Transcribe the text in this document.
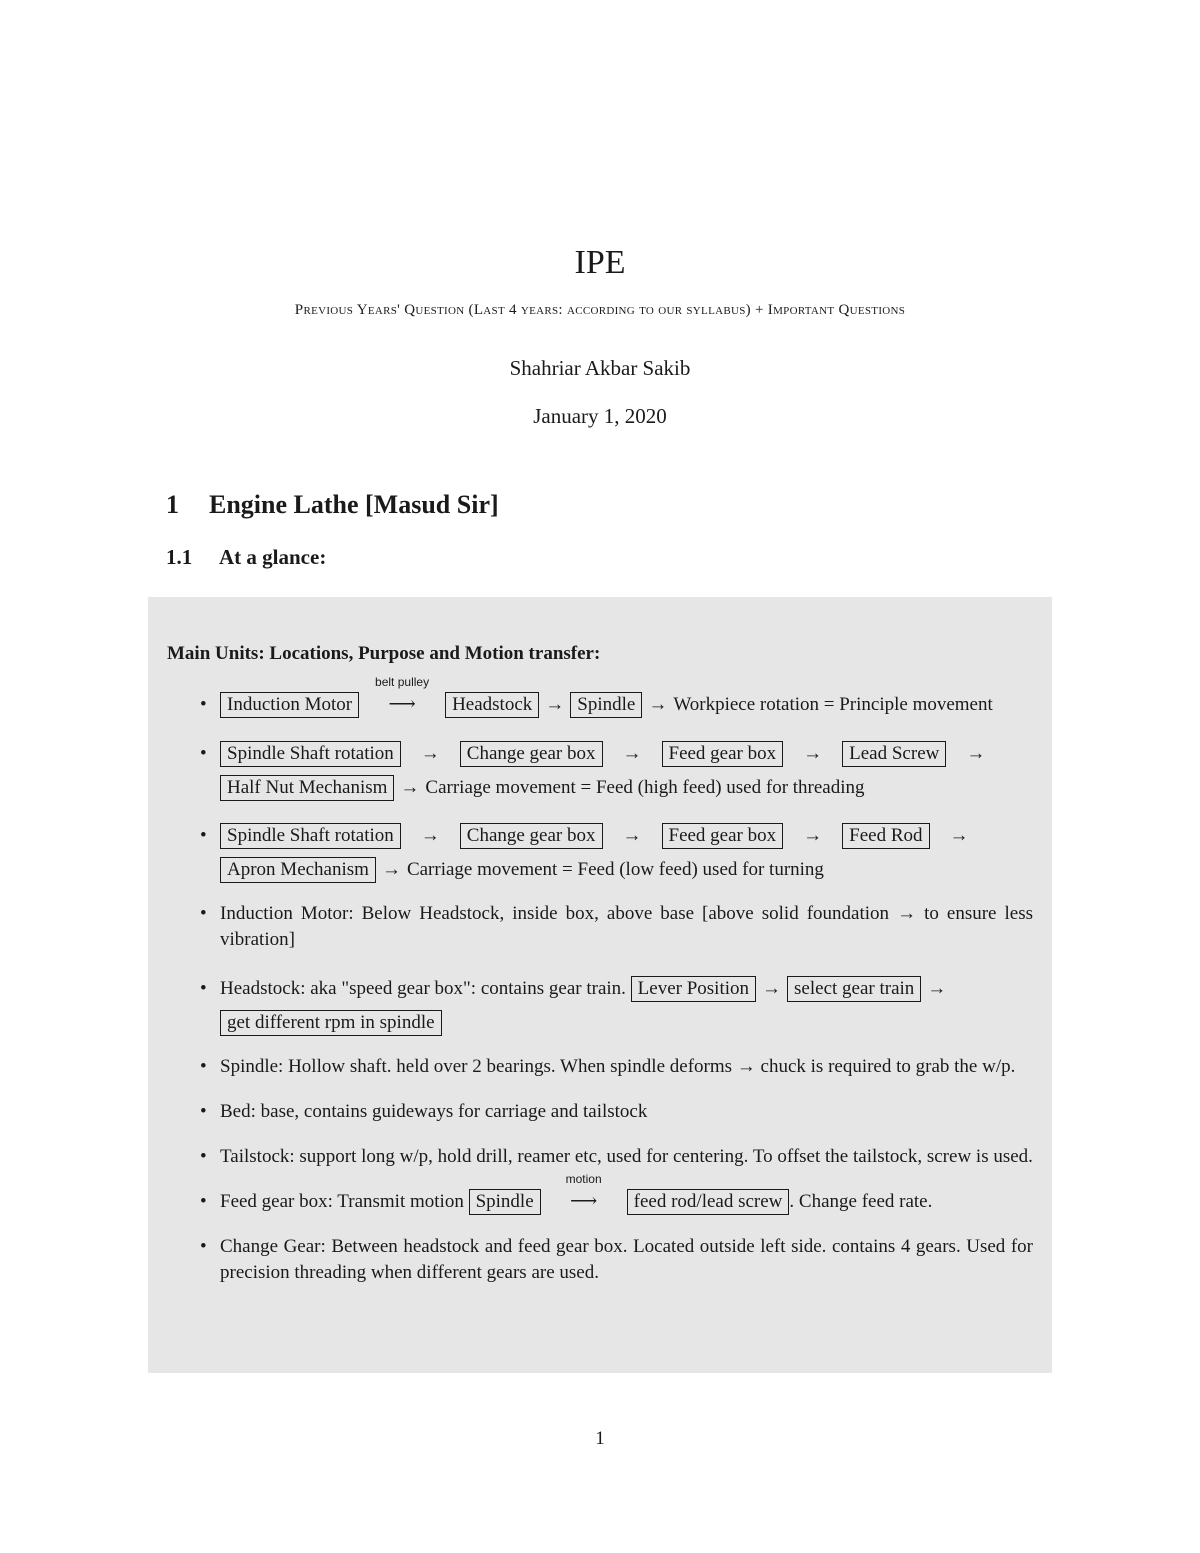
IPE
Previous Years' Question (Last 4 years: according to our syllabus) + Important Questions
Shahriar Akbar Sakib
January 1, 2020
1 Engine Lathe [Masud Sir]
1.1 At a glance:
Main Units: Locations, Purpose and Motion transfer:
• Induction Motor
belt pulley
⟶ Headstock → Spindle → Workpiece rotation = Principle movement
• Spindle Shaft rotation → Change gear box → Feed gear box → Lead Screw →
Half Nut Mechanism → Carriage movement = Feed (high feed) used for threading
• Spindle Shaft rotation → Change gear box → Feed gear box → Feed Rod →
Apron Mechanism → Carriage movement = Feed (low feed) used for turning
• Induction Motor: Below Headstock, inside box, above base [above solid foundation → to ensure less vibration]
• Headstock: aka "speed gear box": contains gear train. Lever Position → select gear train →
get different rpm in spindle
• Spindle: Hollow shaft. held over 2 bearings. When spindle deforms → chuck is required to grab the w/p.
• Bed: base, contains guideways for carriage and tailstock
• Tailstock: support long w/p, hold drill, reamer etc, used for centering. To offset the tailstock, screw is used.
• Feed gear box: Transmit motion Spindle
motion
⟶ feed rod/lead screw . Change feed rate.
• Change Gear: Between headstock and feed gear box. Located outside left side. contains 4 gears. Used for precision threading when different gears are used.
1
